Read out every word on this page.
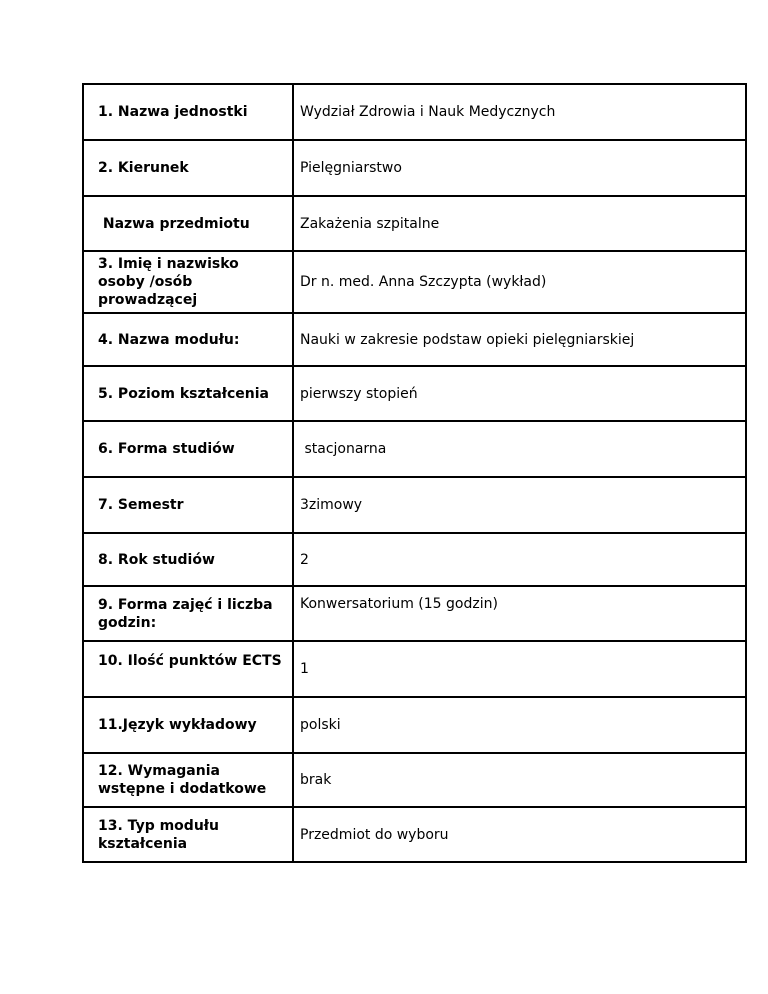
1. Nazwa jednostki	Wydział Zdrowia i Nauk Medycznych
2. Kierunek	Pielęgniarstwo
Nazwa przedmiotu	Zakażenia szpitalne
3. Imię i nazwisko osoby /osób prowadzącej	Dr n. med. Anna Szczypta (wykład)
4. Nazwa modułu:	Nauki w zakresie podstaw opieki pielęgniarskiej
5. Poziom kształcenia	pierwszy stopień
6. Forma studiów	stacjonarna
7. Semestr	3zimowy
8. Rok studiów	2
9. Forma zajęć i liczba godzin:	Konwersatorium (15 godzin)
10. Ilość punktów ECTS	1
11.Język wykładowy	polski
12. Wymagania wstępne i dodatkowe	brak
13. Typ modułu kształcenia	Przedmiot do wyboru
